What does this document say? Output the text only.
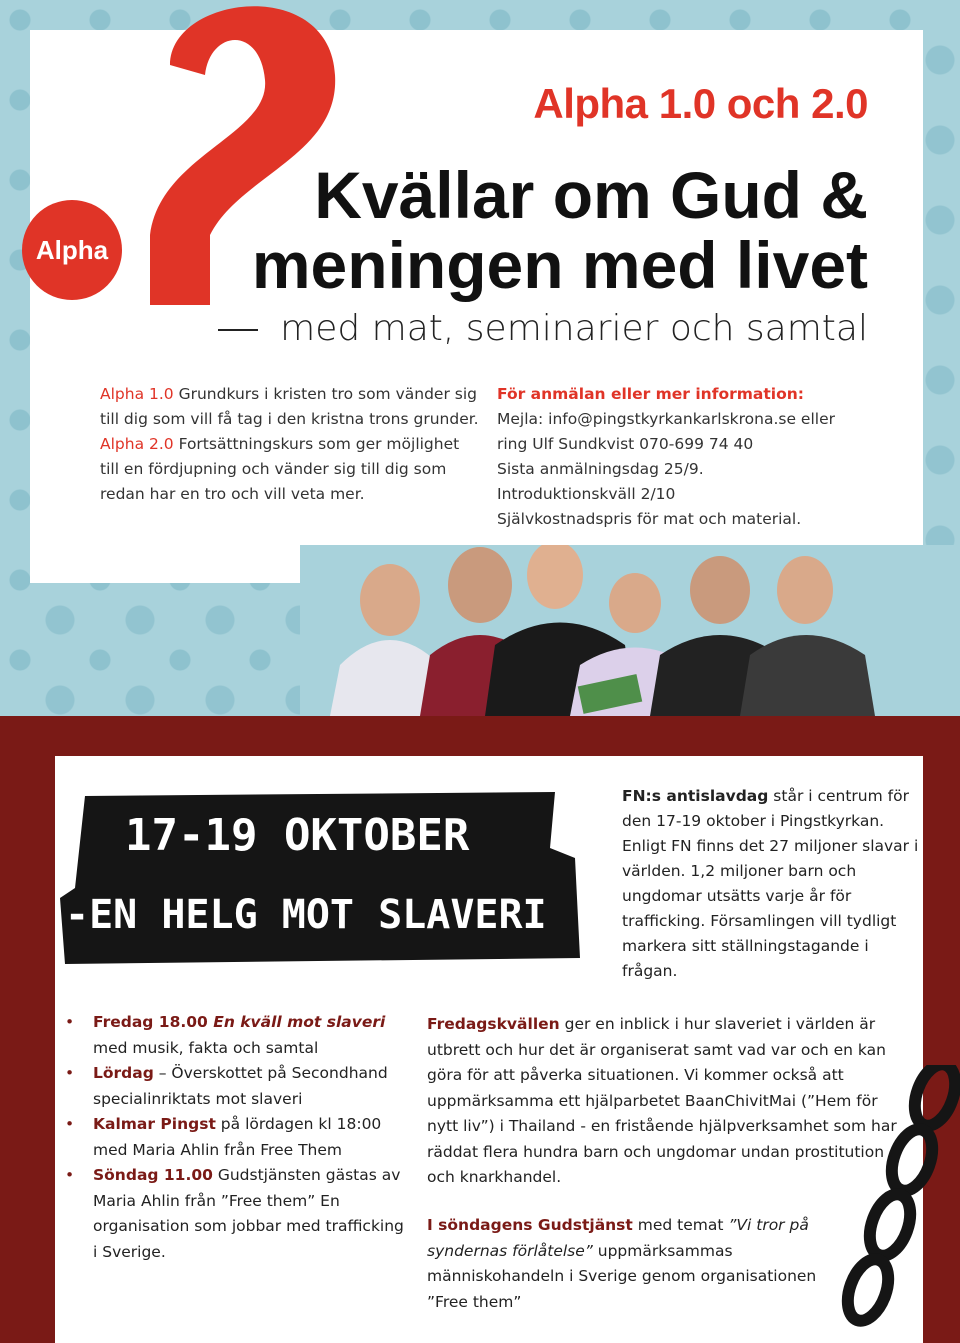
Alpha
Alpha 1.0 och 2.0
Kvällar om Gud &
meningen med livet
med mat, seminarier och samtal
Alpha 1.0 Grundkurs i kristen tro som vänder sig till dig som vill få tag i den kristna trons grunder.
Alpha 2.0 Fortsättningskurs som ger möjlighet till en fördjupning och vänder sig till dig som redan har en tro och vill veta mer.
För anmälan eller mer information:
Mejla: info@pingstkyrkankarlskrona.se eller
ring Ulf Sundkvist 070-699 74 40
Sista anmälningsdag 25/9.
Introduktionskväll 2/10
Självkostnadspris för mat och material.
17-19 OKTOBER
-EN HELG MOT SLAVERI
FN:s antislavdag står i centrum för den 17-19 oktober i Pingstkyrkan. Enligt FN finns det 27 miljoner slavar i världen. 1,2 miljoner barn och ungdomar utsätts varje år för trafficking. Församlingen vill tydligt markera sitt ställningstagande i frågan.
• Fredag 18.00 En kväll mot slaveri med musik, fakta och samtal
• Lördag – Överskottet på Secondhand specialinriktats mot slaveri
• Kalmar Pingst på lördagen kl 18:00 med Maria Ahlin från Free Them
• Söndag 11.00 Gudstjänsten gästas av Maria Ahlin från ”Free them” En organisation som jobbar med trafficking i Sverige.
Fredagskvällen ger en inblick i hur slaveriet i världen är utbrett och hur det är organiserat samt vad var och en kan göra för att påverka situationen. Vi kommer också att uppmärksamma ett hjälparbetet BaanChivitMai (”Hem för nytt liv”) i Thailand - en fristående hjälpverksamhet som har räddat flera hundra barn och ungdomar undan prostitution och knarkhandel.
I söndagens Gudstjänst med temat ”Vi tror på syndernas förlåtelse” uppmärksammas människohandeln i Sverige genom organisationen ”Free them”
